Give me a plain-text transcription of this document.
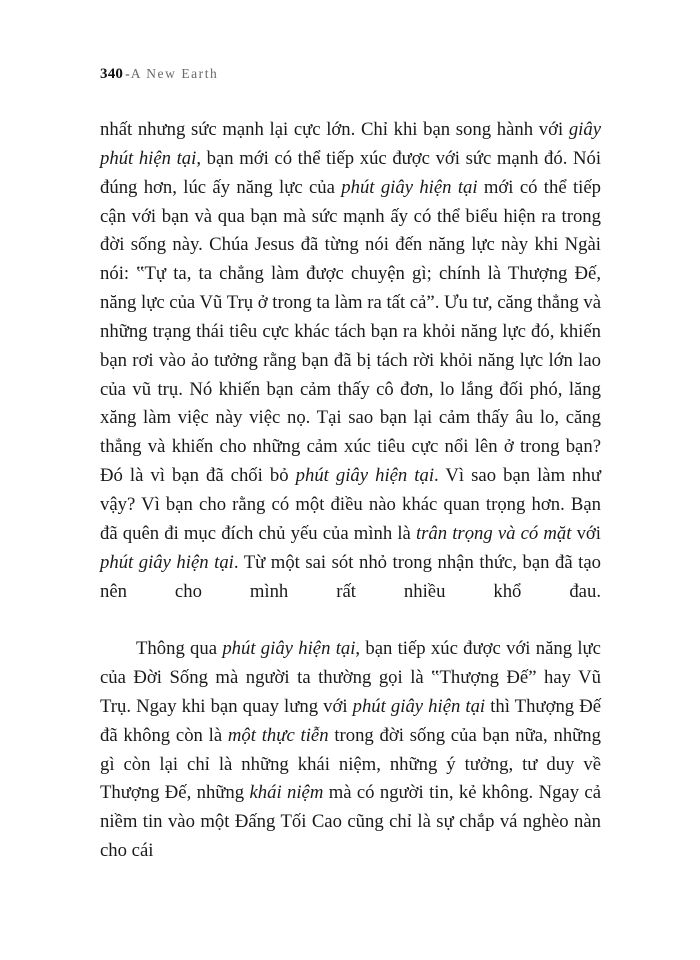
340 -A New Earth

nhất nhưng sức mạnh lại cực lớn. Chỉ khi bạn song hành với giây phút hiện tại, bạn mới có thể tiếp xúc được với sức mạnh đó. Nói đúng hơn, lúc ấy năng lực của phút giây hiện tại mới có thể tiếp cận với bạn và qua bạn mà sức mạnh ấy có thể biểu hiện ra trong đời sống này. Chúa Jesus đã từng nói đến năng lực này khi Ngài nói: ‟Tự ta, ta chẳng làm được chuyện gì; chính là Thượng Đế, năng lực của Vũ Trụ ở trong ta làm ra tất cả”. Ưu tư, căng thẳng và những trạng thái tiêu cực khác tách bạn ra khỏi năng lực đó, khiến bạn rơi vào ảo tưởng rằng bạn đã bị tách rời khỏi năng lực lớn lao của vũ trụ. Nó khiến bạn cảm thấy cô đơn, lo lắng đối phó, lăng xăng làm việc này việc nọ. Tại sao bạn lại cảm thấy âu lo, căng thẳng và khiến cho những cảm xúc tiêu cực nổi lên ở trong bạn? Đó là vì bạn đã chối bỏ phút giây hiện tại. Vì sao bạn làm như vậy? Vì bạn cho rằng có một điều nào khác quan trọng hơn. Bạn đã quên đi mục đích chủ yếu của mình là trân trọng và có mặt với phút giây hiện tại. Từ một sai sót nhỏ trong nhận thức, bạn đã tạo nên cho mình rất nhiều khổ đau.

Thông qua phút giây hiện tại, bạn tiếp xúc được với năng lực của Đời Sống mà người ta thường gọi là ‟Thượng Đế” hay Vũ Trụ. Ngay khi bạn quay lưng với phút giây hiện tại thì Thượng Đế đã không còn là một thực tiễn trong đời sống của bạn nữa, những gì còn lại chỉ là những khái niệm, những ý tưởng, tư duy về Thượng Đế, những khái niệm mà có người tin, kẻ không. Ngay cả niềm tin vào một Đấng Tối Cao cũng chỉ là sự chắp vá nghèo nàn cho cái
